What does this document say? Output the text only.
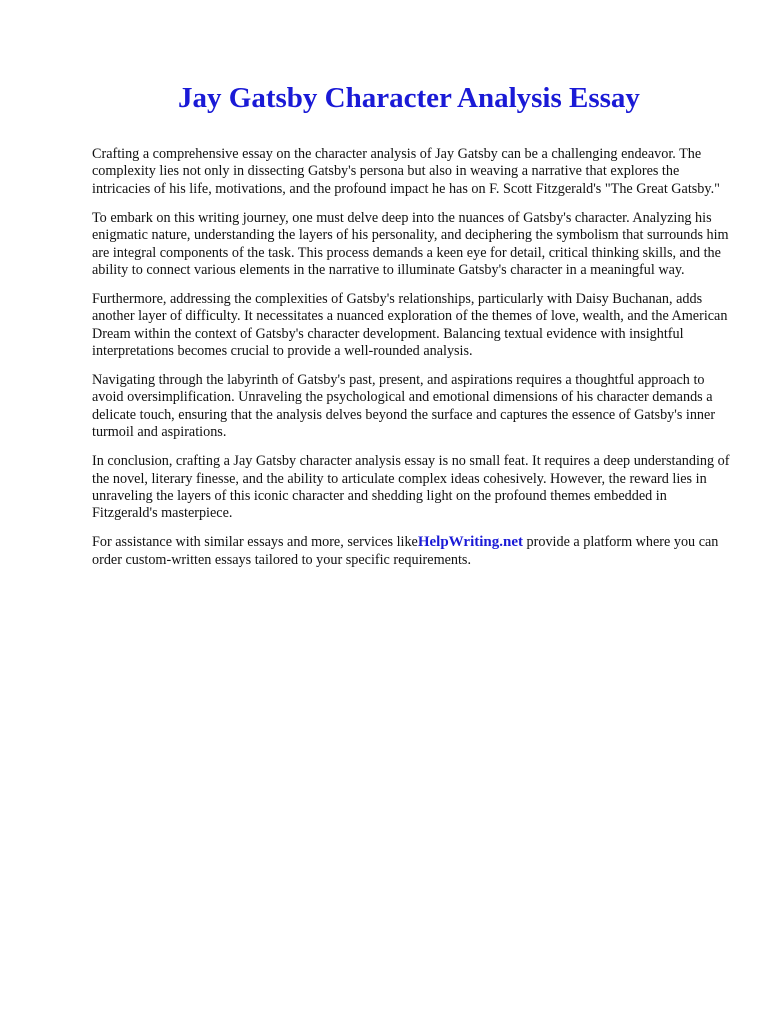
Jay Gatsby Character Analysis Essay

Crafting a comprehensive essay on the character analysis of Jay Gatsby can be a challenging endeavor. The complexity lies not only in dissecting Gatsby's persona but also in weaving a narrative that explores the intricacies of his life, motivations, and the profound impact he has on F. Scott Fitzgerald's "The Great Gatsby."

To embark on this writing journey, one must delve deep into the nuances of Gatsby's character. Analyzing his enigmatic nature, understanding the layers of his personality, and deciphering the symbolism that surrounds him are integral components of the task. This process demands a keen eye for detail, critical thinking skills, and the ability to connect various elements in the narrative to illuminate Gatsby's character in a meaningful way.

Furthermore, addressing the complexities of Gatsby's relationships, particularly with Daisy Buchanan, adds another layer of difficulty. It necessitates a nuanced exploration of the themes of love, wealth, and the American Dream within the context of Gatsby's character development. Balancing textual evidence with insightful interpretations becomes crucial to provide a well-rounded analysis.

Navigating through the labyrinth of Gatsby's past, present, and aspirations requires a thoughtful approach to avoid oversimplification. Unraveling the psychological and emotional dimensions of his character demands a delicate touch, ensuring that the analysis delves beyond the surface and captures the essence of Gatsby's inner turmoil and aspirations.

In conclusion, crafting a Jay Gatsby character analysis essay is no small feat. It requires a deep understanding of the novel, literary finesse, and the ability to articulate complex ideas cohesively. However, the reward lies in unraveling the layers of this iconic character and shedding light on the profound themes embedded in Fitzgerald's masterpiece.

For assistance with similar essays and more, services likeHelpWriting.net provide a platform where you can order custom-written essays tailored to your specific requirements.
